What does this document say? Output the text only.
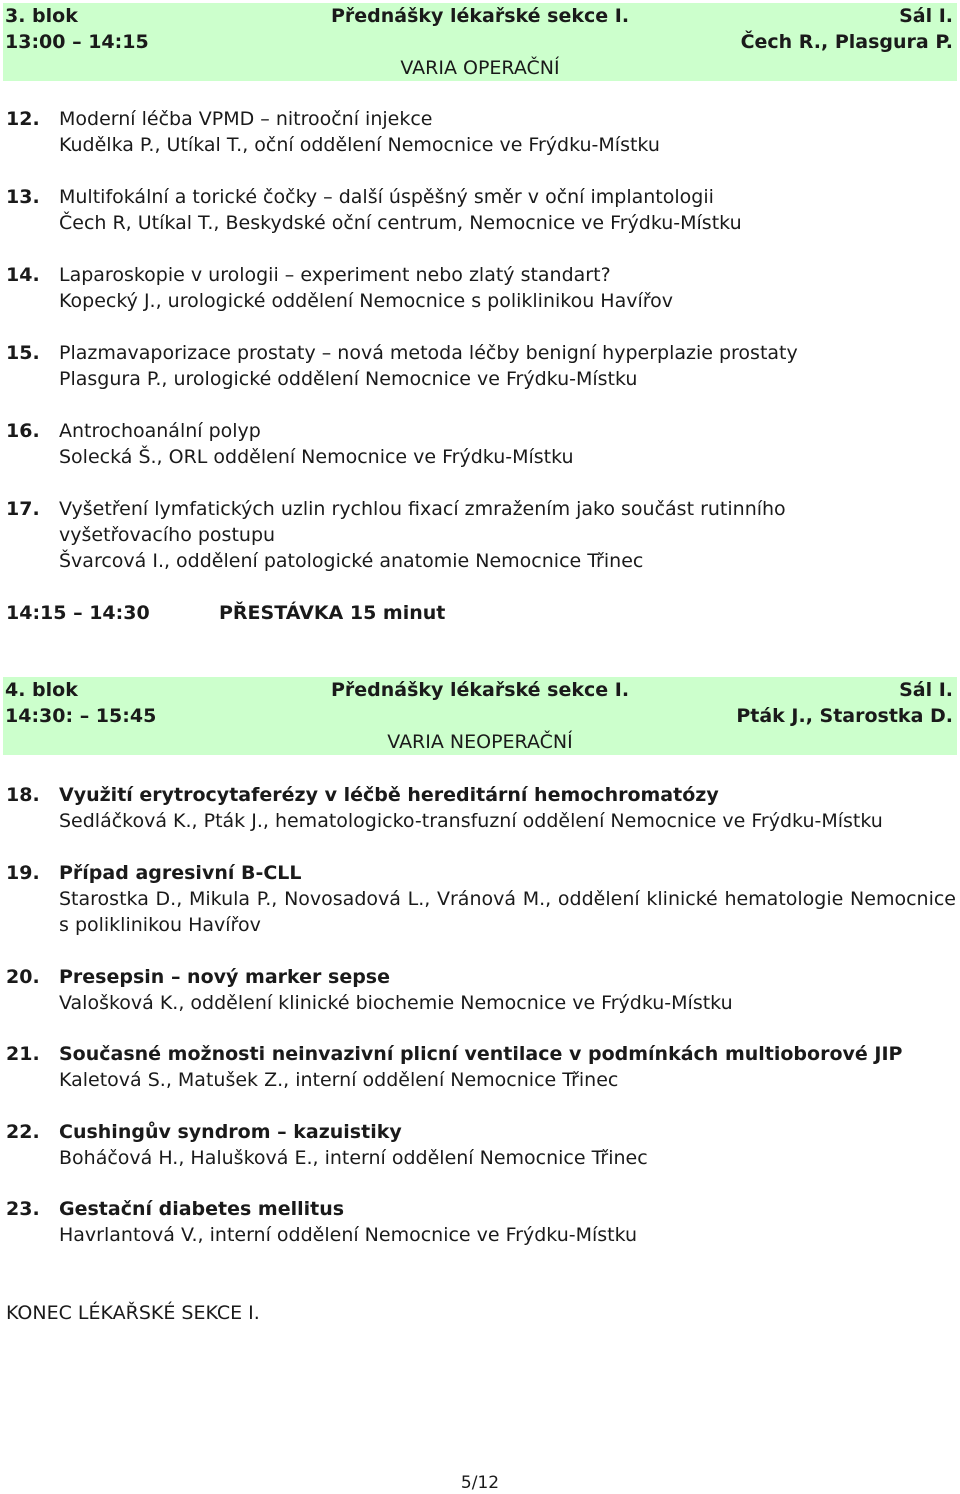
3. blok	Přednášky lékařské sekce I.	Sál I.
13:00 – 14:15	Čech R., Plasgura P.
VARIA OPERAČNÍ
12. Moderní léčba VPMD – nitrooční injekce
Kudělka P., Utíkal T., oční oddělení Nemocnice ve Frýdku-Místku
13. Multifokální a torické čočky – další úspěšný směr v oční implantologii
Čech R, Utíkal T., Beskydské oční centrum, Nemocnice ve Frýdku-Místku
14. Laparoskopie v urologii – experiment nebo zlatý standart?
Kopecký J., urologické oddělení Nemocnice s poliklinikou Havířov
15. Plazmavaporizace prostaty – nová metoda léčby benigní hyperplazie prostaty
Plasgura P., urologické oddělení Nemocnice ve Frýdku-Místku
16. Antrochoanální polyp
Solecká Š., ORL oddělení Nemocnice ve Frýdku-Místku
17. Vyšetření lymfatických uzlin rychlou fixací zmražením jako součást rutinního vyšetřovacího postupu
Švarcová I., oddělení patologické anatomie Nemocnice Třinec
14:15 – 14:30	PŘESTÁVKA 15 minut
4. blok	Přednášky lékařské sekce I.	Sál I.
14:30: – 15:45	Pták J., Starostka D.
VARIA NEOPERAČNÍ
18. Využití erytrocytaferézy v léčbě hereditární hemochromatózy
Sedláčková K., Pták J., hematologicko-transfuzní oddělení Nemocnice ve Frýdku-Místku
19. Případ agresivní B-CLL
Starostka D., Mikula P., Novosadová L., Vránová M., oddělení klinické hematologie Nemocnice s poliklinikou Havířov
20. Presepsin – nový marker sepse
Valošková K., oddělení klinické biochemie Nemocnice ve Frýdku-Místku
21. Současné možnosti neinvazivní plicní ventilace v podmínkách multioborové JIP
Kaletová S., Matušek Z., interní oddělení Nemocnice Třinec
22. Cushingův syndrom – kazuistiky
Boháčová H., Halušková E., interní oddělení Nemocnice Třinec
23. Gestační diabetes mellitus
Havrlantová V., interní oddělení Nemocnice ve Frýdku-Místku
KONEC LÉKAŘSKÉ SEKCE I.
5/12
